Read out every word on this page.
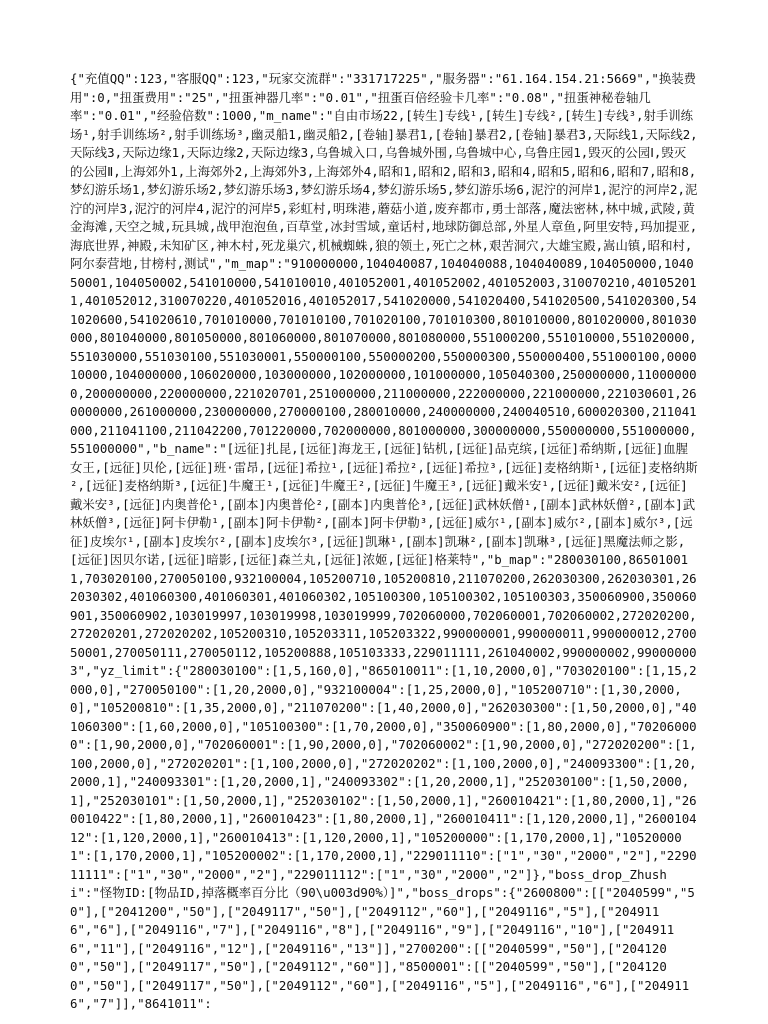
{"充值QQ":123,"客服QQ":123,"玩家交流群":"331717225","服务器":"61.164.154.21:5669","换装费用":0,"扭蛋费用":"25","扭蛋神器几率":"0.01","扭蛋百倍经验卡几率":"0.08","扭蛋神秘卷轴几率":"0.01","经验倍数":1000,"m_name":"自由市场22,[转生]专线¹,[转生]专线²,[转生]专线³,射手训练场¹,射手训练场²,射手训练场³,幽灵船1,幽灵船2,[卷轴]暴君1,[卷轴]暴君2,[卷轴]暴君3,天际线1,天际线2,天际线3,天际边缘1,天际边缘2,天际边缘3,乌鲁城入口,乌鲁城外围,乌鲁城中心,乌鲁庄园1,毁灭的公园Ⅰ,毁灭的公园Ⅱ,上海郊外1,上海郊外2,上海郊外3,上海郊外4,昭和1,昭和2,昭和3,昭和4,昭和5,昭和6,昭和7,昭和8,梦幻游乐场1,梦幻游乐场2,梦幻游乐场3,梦幻游乐场4,梦幻游乐场5,梦幻游乐场6,泥泞的河岸1,泥泞的河岸2,泥泞的河岸3,泥泞的河岸4,泥泞的河岸5,彩虹村,明珠港,蘑菇小道,废弃都市,勇士部落,魔法密林,林中城,武陵,黄金海滩,天空之城,玩具城,战甲泡泡鱼,百草堂,冰封雪域,童话村,地球防御总部,外星人章鱼,阿里安特,玛加提亚,海底世界,神殿,未知矿区,神木村,死龙巢穴,机械蜘蛛,狼的领土,死亡之林,艰苦洞穴,大雄宝殿,嵩山镇,昭和村,阿尔泰营地,甘榜村,测试","m_map":"910000000,104040087,104040088,104040089,104050000,104050001,104050002,541010000,541010010,401052001,401052002,401052003,310070210,401052011,401052012,310070220,401052016,401052017,541020000,541020400,541020500,541020300,541020600,541020610,701010000,701010100,701020100,701010300,801010000,801020000,801030000,801040000,801050000,801060000,801070000,801080000,551000200,551010000,551020000,551030000,551030100,551030001,550000100,550000200,550000300,550000400,551000100,000010000,104000000,106020000,103000000,102000000,101000000,105040300,250000000,110000000,200000000,220000000,221020701,251000000,211000000,222000000,221000000,221030601,260000000,261000000,230000000,270000100,280010000,240000000,240040510,600020300,211041000,211041100,211042200,701220000,702000000,801000000,300000000,550000000,551000000,551000000","b_name":"[远征]扎昆,[远征]海龙王,[远征]钻机,[远征]品克缤,[远征]希纳斯,[远征]血腥女王,[远征]贝伦,[远征]班·雷昂,[远征]希拉¹,[远征]希拉²,[远征]希拉³,[远征]麦格纳斯¹,[远征]麦格纳斯²,[远征]麦格纳斯³,[远征]牛魔王¹,[远征]牛魔王²,[远征]牛魔王³,[远征]戴米安¹,[远征]戴米安²,[远征]戴米安³,[远征]内奥普伦¹,[副本]内奥普伦²,[副本]内奥普伦³,[远征]武林妖僧¹,[副本]武林妖僧²,[副本]武林妖僧³,[远征]阿卡伊勒¹,[副本]阿卡伊勒²,[副本]阿卡伊勒³,[远征]威尔¹,[副本]威尔²,[副本]威尔³,[远征]皮埃尔¹,[副本]皮埃尔²,[副本]皮埃尔³,[远征]凯琳¹,[副本]凯琳²,[副本]凯琳³,[远征]黑魔法师之影,[远征]因贝尔诺,[远征]暗影,[远征]森兰丸,[远征]浓姬,[远征]格莱特","b_map":"280030100,865010011,703020100,270050100,932100004,105200710,105200810,211070200,262030300,262030301,262030302,401060300,401060301,401060302,105100300,105100302,105100303,350060900,350060901,350060902,103019997,103019998,103019999,702060000,702060001,702060002,272020200,272020201,272020202,105200310,105203311,105203322,990000001,990000011,990000012,270050001,270050111,270050112,105200888,105103333,229011111,261040002,990000002,990000003","yz_limit":{"280030100":[1,5,160,0],"865010011":[1,10,2000,0],"703020100":[1,15,2000,0],"270050100":[1,20,2000,0],"932100004":[1,25,2000,0],"105200710":[1,30,2000,0],"105200810":[1,35,2000,0],"211070200":[1,40,2000,0],"262030300":[1,50,2000,0],"401060300":[1,60,2000,0],"105100300":[1,70,2000,0],"350060900":[1,80,2000,0],"702060000":[1,90,2000,0],"702060001":[1,90,2000,0],"702060002":[1,90,2000,0],"272020200":[1,100,2000,0],"272020201":[1,100,2000,0],"272020202":[1,100,2000,0],"240093300":[1,20,2000,1],"240093301":[1,20,2000,1],"240093302":[1,20,2000,1],"252030100":[1,50,2000,1],"252030101":[1,50,2000,1],"252030102":[1,50,2000,1],"260010421":[1,80,2000,1],"260010422":[1,80,2000,1],"260010423":[1,80,2000,1],"260010411":[1,120,2000,1],"260010412":[1,120,2000,1],"260010413":[1,120,2000,1],"105200000":[1,170,2000,1],"105200001":[1,170,2000,1],"105200002":[1,170,2000,1],"229011110":["1","30","2000","2"],"229011111":["1","30","2000","2"],"229011112":["1","30","2000","2"]},"boss_drop_Zhushi":"怪物ID:[物品ID,掉落概率百分比（90\u003d90%）]","boss_drops":{"2600800":[["2040599","50"],["2041200","50"],["2049117","50"],["2049112","60"],["2049116","5"],["2049116","6"],["2049116","7"],["2049116","8"],["2049116","9"],["2049116","10"],["2049116","11"],["2049116","12"],["2049116","13"]],"2700200":[["2040599","50"],["2041200","50"],["2049117","50"],["2049112","60"]],"8500001":[["2040599","50"],["2041200","50"],["2049117","50"],["2049112","60"],["2049116","5"],["2049116","6"],["2049116","7"]],"8641011":
